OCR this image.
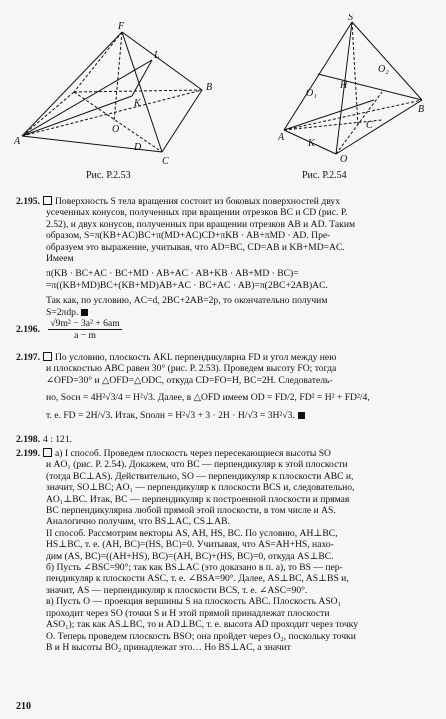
F
L
B
K
O
A
D
C
Рис. Р.2.53
S
O₁
H
O₂
A
B
K
C
O
Рис. Р.2.54
2.195. Поверхность S тела вращения состоит из боковых поверхностей двух
усеченных конусов, полученных при вращении отрезков BC и CD (рис. Р.
2.52), и двух конусов, полученных при вращении отрезков AB и AD. Таким
образом, S=π(KB+AC)BC+π(MD+AC)CD+πKB · AB+πMD · AD. Пре-
образуем это выражение, учитывая, что AD=BC, CD=AB и KB+MD=AC.
Имеем
π(KB · BC+AC · BC+MD · AB+AC · AB+KB · AB+MD · BC)=
=π((KB+MD)BC+(KB+MD)AB+AC · BC+AC · AB)=π(2BC+2AB)AC.
Так как, по условию, AC=d, 2BC+2AB=2p, то окончательно получим
S=2πdp.
2.196. $\frac{\text{√9m² − 3a² + 6am}}{a - m}$
2.197. По условию, плоскость AKL перпендикулярна FD и угол между нею
и плоскостью ABC равен 30° (рис. Р. 2.53). Проведем высоту FO; тогда
∠OFD=30° и △OFD=△ODC, откуда CD=FO=H, BC=2H. Следователь-
но, Sосн = 4H²√3/4 = H²√3. Далее, в △OFD имеем OD = FD/2, FD² = H² + FD²/4,
т. е. FD = 2H/√3. Итак, Sполн = H²√3 + 3 · 2H · H/√3 = 3H²√3.
2.198. 4 : 121.
2.199. а) I способ. Проведем плоскость через пересекающиеся высоты SO
и AO₁ (рис. Р. 2.54). Докажем, что BC — перпендикуляр к этой плоскости
(тогда BC⊥AS). Действительно, SO — перпендикуляр к плоскости ABC и,
значит, SO⊥BC; AO₁ — перпендикуляр к плоскости BCS и, следовательно,
AO₁⊥BC. Итак, BC — перпендикуляр к построенной плоскости и прямая
BC перпендикулярна любой прямой этой плоскости, в том числе и AS.
Аналогично получим, что BS⊥AC, CS⊥AB.
II способ. Рассмотрим векторы AS, AH, HS, BC. По условию, AH⊥BC,
HS⊥BC, т. е. (AH, BC)=(HS, BC)=0. Учитывая, что AS=AH+HS, нахо-
дим (AS, BC)=((AH+HS), BC)=(AH, BC)+(HS, BC)=0, откуда AS⊥BC.
б) Пусть ∠BSC=90°; так как BS⊥AC (это доказано в п. а), то BS — пер-
пендикуляр к плоскости ASC, т. е. ∠BSA=90°. Далее, AS⊥BC, AS⊥BS и,
значит, AS — перпендикуляр к плоскости BCS, т. е. ∠ASC=90°.
в) Пусть O — проекция вершины S на плоскость ABC. Плоскость ASO₁
проходит через SO (точки S и H этой прямой принадлежат плоскости
ASO₁); так как AS⊥BC, то и AD⊥BC, т. е. высота AD проходит через точку
O. Теперь проведем плоскость BSO; она пройдет через O₂, поскольку точки
B и H высоты BO₂ принадлежат это… Но BS⊥AC, а значит
210
